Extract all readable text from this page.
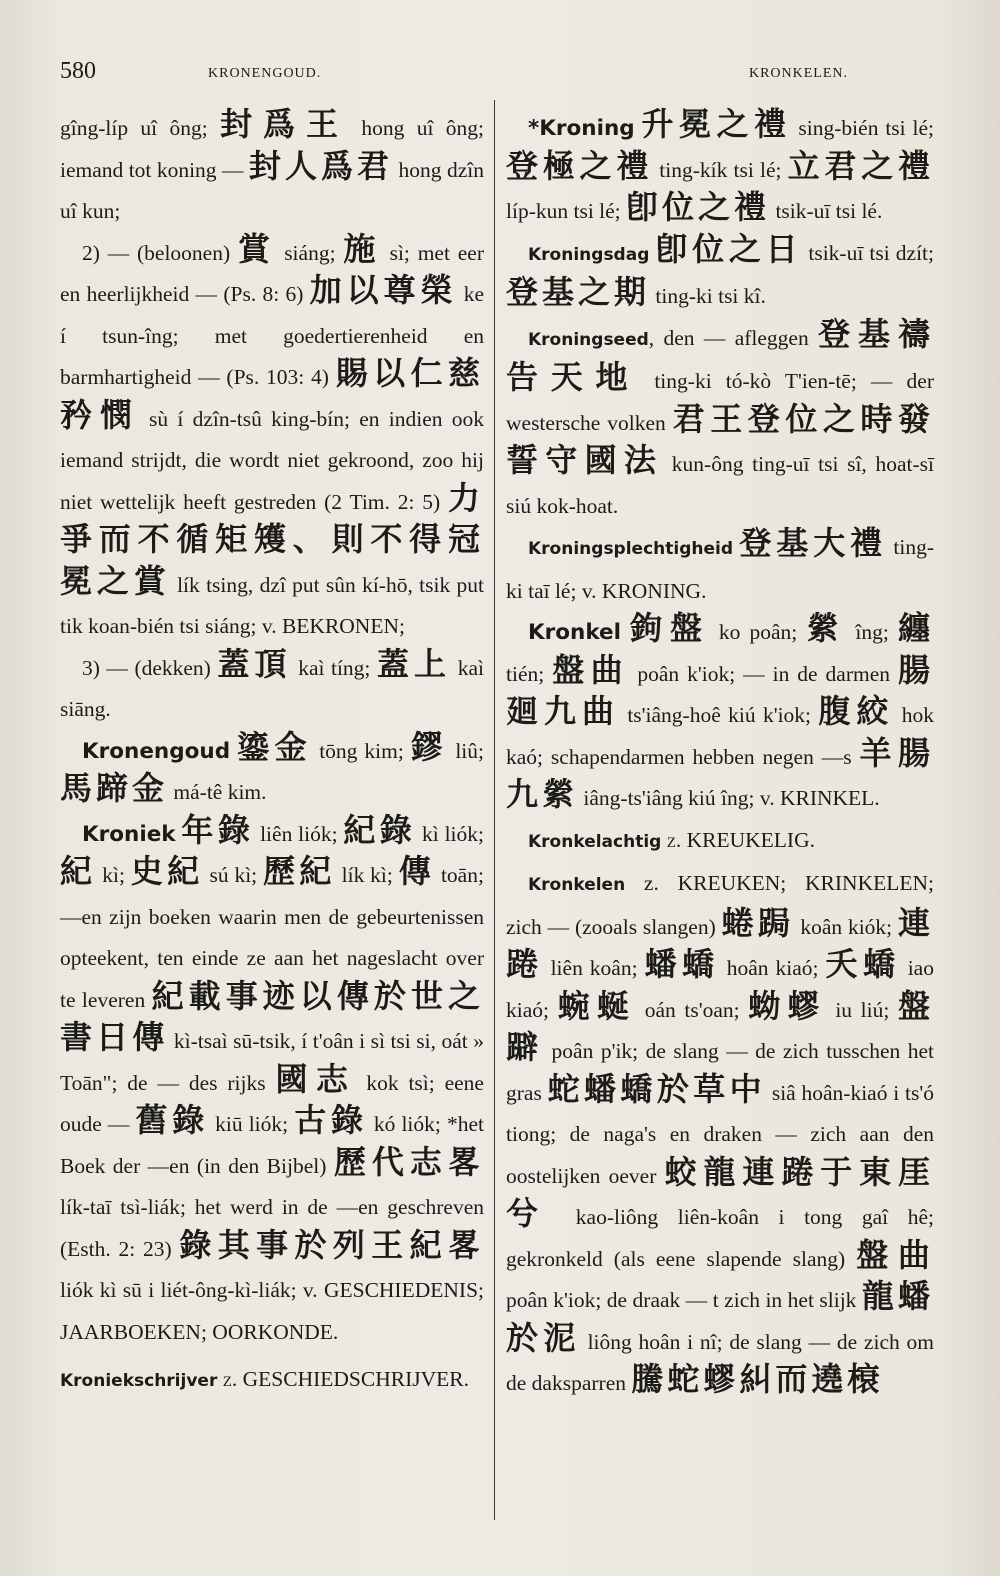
580	KRONENGOUD.	KRONKELEN.

gîng-líp uî ông; 封爲王 hong uî ông; iemand tot koning — 封人爲君 hong dzîn uî kun;

2) — (beloonen) 賞 siáng; 施 sì; met eer en heerlijkheid — (Ps. 8: 6) 加以尊榮 ke í tsun-îng; met goedertierenheid en barmhartigheid — (Ps. 103: 4) 賜以仁慈矜憫 sù í dzîn-tsû king-bín; en indien ook iemand strijdt, die wordt niet gekroond, zoo hij niet wettelijk heeft gestreden (2 Tim. 2: 5) 力爭而不循矩矱、則不得冠冕之賞 lík tsing, dzî put sûn kí-hō, tsik put tik koan-bién tsi siáng; v. BEKRONEN;

3) — (dekken) 蓋頂 kaì tíng; 蓋上 kaì siāng.

Kronengoud 鎏金 tōng kim; 鏐 liû; 馬蹄金 má-tê kim.

Kroniek 年錄 liên liók; 紀錄 kì liók; 紀 kì; 史紀 sú kì; 歷紀 lík kì; 傳 toān; —en zijn boeken waarin men de gebeurtenissen opteekent, ten einde ze aan het nageslacht over te leveren 紀載事迹以傳於世之書日傳 kì-tsaì sū-tsik, í t'oân i sì tsi si, oát » Toān"; de — des rijks 國志 kok tsì; eene oude — 舊錄 kiū liók; 古錄 kó liók; *het Boek der —en (in den Bijbel) 歷代志畧 lík-taī tsì-liák; het werd in de —en geschreven (Esth. 2: 23) 錄其事於列王紀畧 liók kì sū i liét-ông-kì-liák; v. GESCHIEDENIS; JAARBOEKEN; OORKONDE.

Kroniekschrijver z. GESCHIEDSCHRIJVER.

*Kroning 升冕之禮 sing-bién tsi lé; 登極之禮 ting-kík tsi lé; 立君之禮 líp-kun tsi lé; 卽位之禮 tsik-uī tsi lé.

Kroningsdag 卽位之日 tsik-uī tsi dzít; 登基之期 ting-ki tsi kî.

Kroningseed, den — afleggen 登基禱告天地 ting-ki tó-kò T'ien-tē; — der westersche volken 君王登位之時發誓守國法 kun-ông ting-uī tsi sî, hoat-sī siú kok-hoat.

Kroningsplechtigheid 登基大禮 ting-ki taī lé; v. KRONING.

Kronkel 鉤盤 ko poân; 縈 îng; 纏 tién; 盤曲 poân k'iok; — in de darmen 腸廻九曲 ts'iâng-hoê kiú k'iok; 腹絞 hok kaó; schapendarmen hebben negen —s 羊腸九縈 iâng-ts'iâng kiú îng; v. KRINKEL.

Kronkelachtig z. KREUKELIG.

Kronkelen z. KREUKEN; KRINKELEN; zich — (zooals slangen) 蜷跼 koân kiók; 連踡 liên koân; 蟠蟜 hoân kiaó; 夭蟜 iao kiaó; 蜿蜒 oán ts'oan; 蚴蟉 iu liú; 盤躃 poân p'ik; de slang — de zich tusschen het gras 蛇蟠蟜於草中 siâ hoân-kiaó i ts'ó tiong; de naga's en draken — zich aan den oostelijken oever 蛟龍連踡于東厓兮 kao-liông liên-koân i tong gaî hê; gekronkeld (als eene slapende slang) 盤曲 poân k'iok; de draak — t zich in het slijk 龍蟠於泥 liông hoân i nî; de slang — de zich om de daksparren 騰蛇蟉糾而遶榱
